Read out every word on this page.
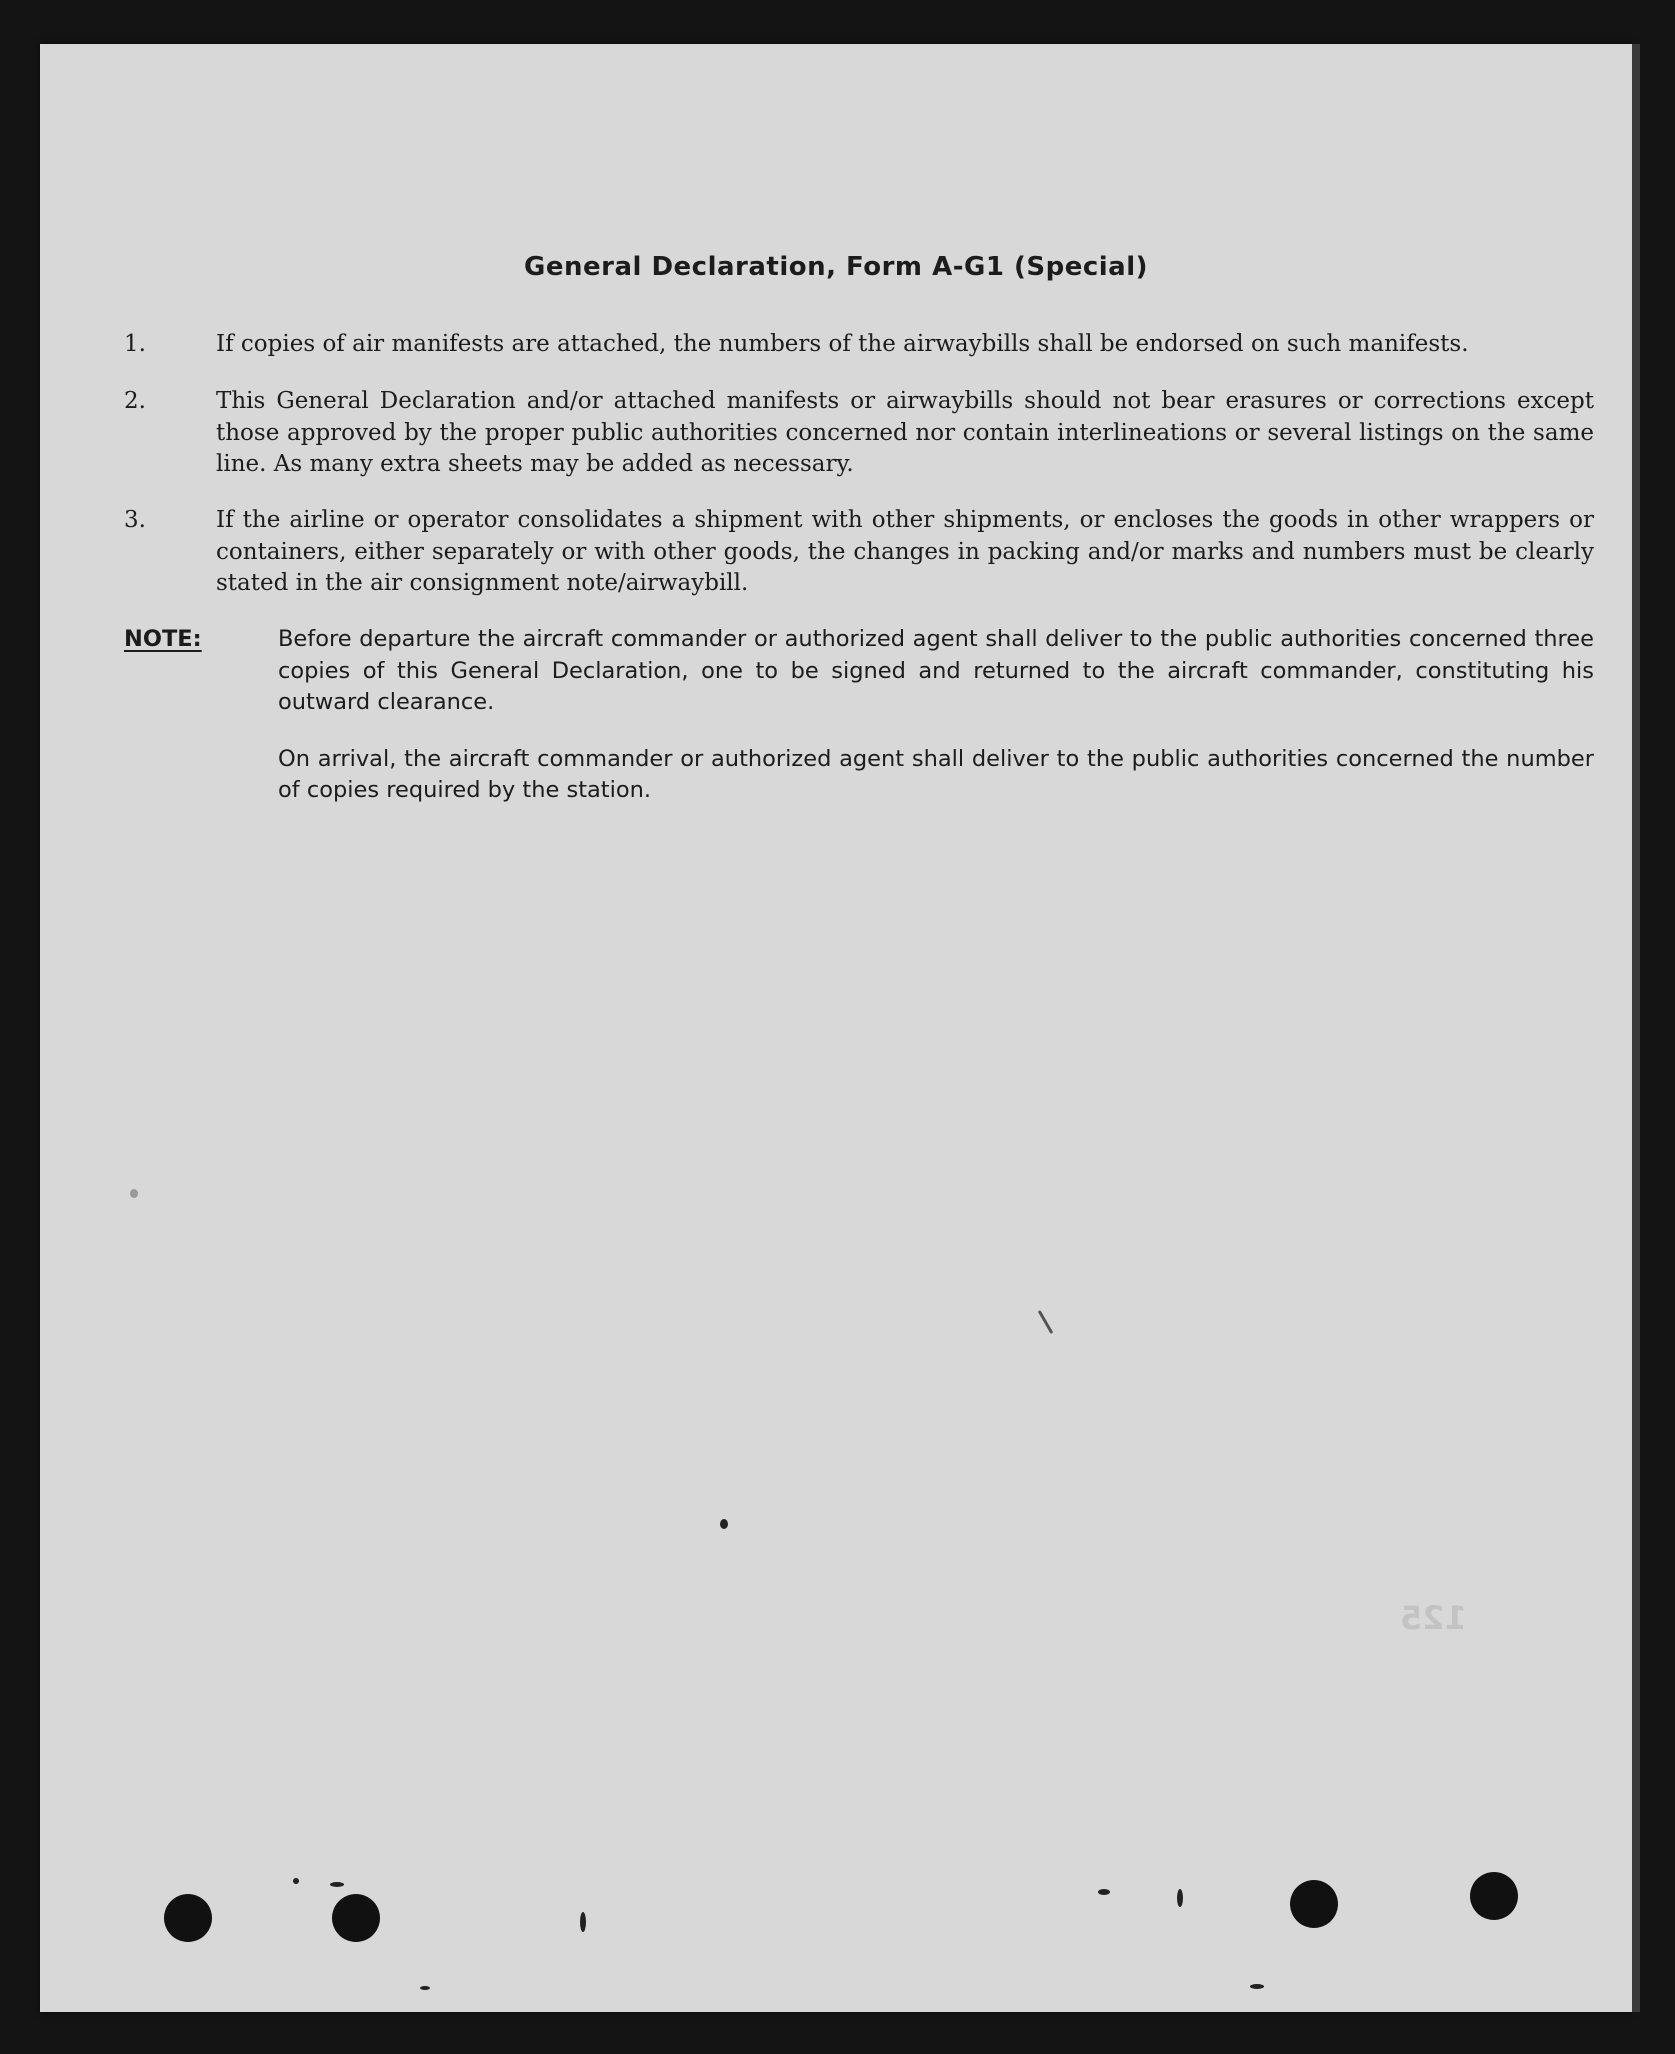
General Declaration, Form A-G1 (Special)
1.	If copies of air manifests are attached, the numbers of the airwaybills shall be endorsed on such manifests.
2.	This General Declaration and/or attached manifests or airwaybills should not bear erasures or corrections except those approved by the proper public authorities concerned nor contain interlineations or several listings on the same line. As many extra sheets may be added as necessary.
3.	If the airline or operator consolidates a shipment with other shipments, or encloses the goods in other wrappers or containers, either separately or with other goods, the changes in packing and/or marks and numbers must be clearly stated in the air consignment note/airwaybill.
NOTE:	Before departure the aircraft commander or authorized agent shall deliver to the public authorities concerned three copies of this General Declaration, one to be signed and returned to the aircraft commander, constituting his outward clearance.
On arrival, the aircraft commander or authorized agent shall deliver to the public authorities concerned the number of copies required by the station.
125
